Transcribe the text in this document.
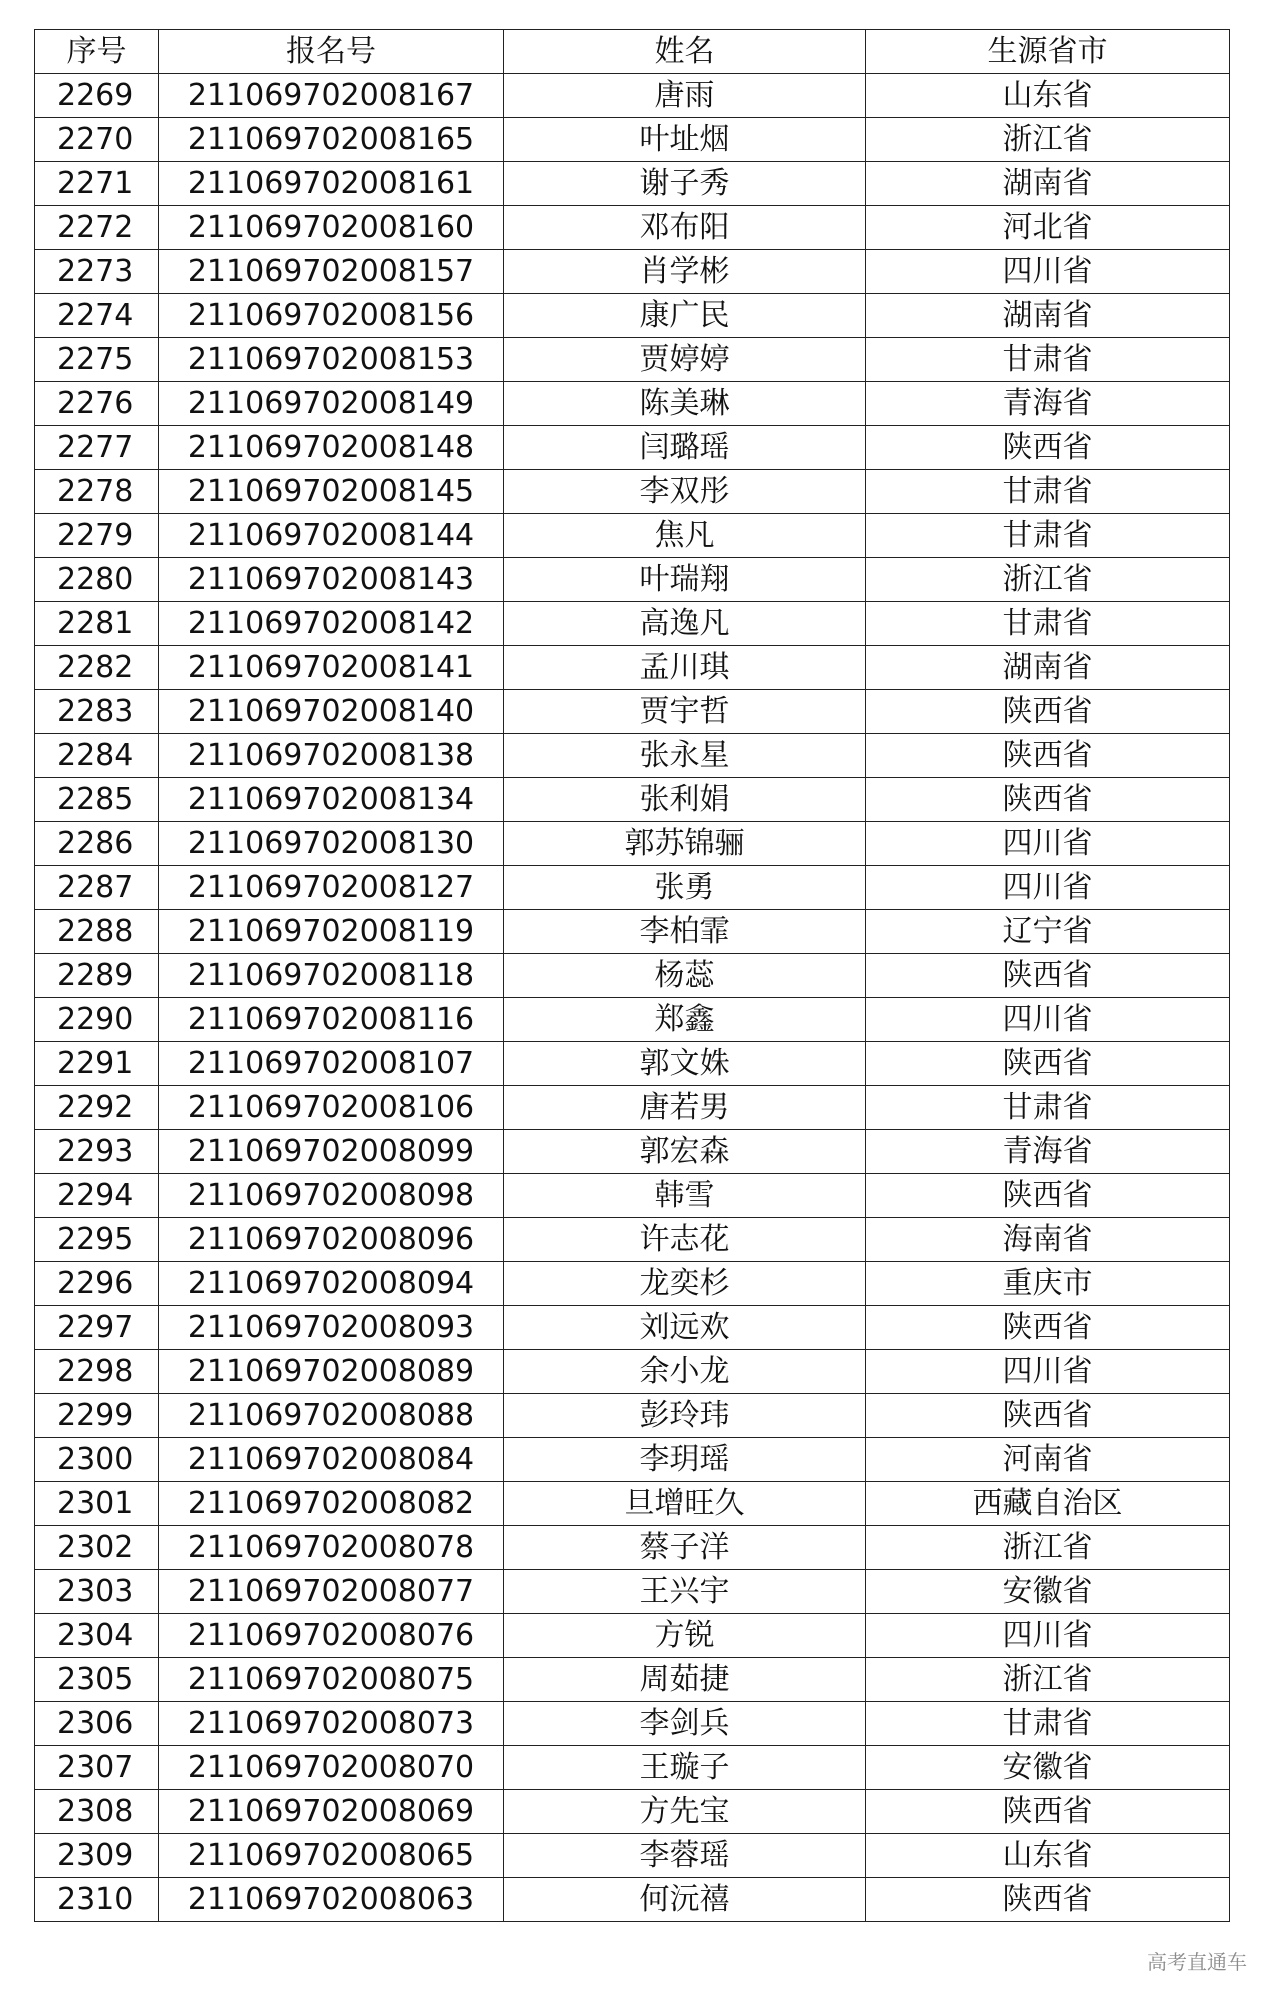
序号	报名号	姓名	生源省市
2269	211069702008167	唐雨	山东省
2270	211069702008165	叶址烟	浙江省
2271	211069702008161	谢子秀	湖南省
2272	211069702008160	邓布阳	河北省
2273	211069702008157	肖学彬	四川省
2274	211069702008156	康广民	湖南省
2275	211069702008153	贾婷婷	甘肃省
2276	211069702008149	陈美琳	青海省
2277	211069702008148	闫璐瑶	陕西省
2278	211069702008145	李双彤	甘肃省
2279	211069702008144	焦凡	甘肃省
2280	211069702008143	叶瑞翔	浙江省
2281	211069702008142	高逸凡	甘肃省
2282	211069702008141	孟川琪	湖南省
2283	211069702008140	贾宇哲	陕西省
2284	211069702008138	张永星	陕西省
2285	211069702008134	张利娟	陕西省
2286	211069702008130	郭苏锦骊	四川省
2287	211069702008127	张勇	四川省
2288	211069702008119	李柏霏	辽宁省
2289	211069702008118	杨蕊	陕西省
2290	211069702008116	郑鑫	四川省
2291	211069702008107	郭文姝	陕西省
2292	211069702008106	唐若男	甘肃省
2293	211069702008099	郭宏森	青海省
2294	211069702008098	韩雪	陕西省
2295	211069702008096	许志花	海南省
2296	211069702008094	龙奕杉	重庆市
2297	211069702008093	刘远欢	陕西省
2298	211069702008089	余小龙	四川省
2299	211069702008088	彭玲玮	陕西省
2300	211069702008084	李玥瑶	河南省
2301	211069702008082	旦增旺久	西藏自治区
2302	211069702008078	蔡子洋	浙江省
2303	211069702008077	王兴宇	安徽省
2304	211069702008076	方锐	四川省
2305	211069702008075	周茹捷	浙江省
2306	211069702008073	李剑兵	甘肃省
2307	211069702008070	王璇子	安徽省
2308	211069702008069	方先宝	陕西省
2309	211069702008065	李蓉瑶	山东省
2310	211069702008063	何沅禧	陕西省
高考直通车
